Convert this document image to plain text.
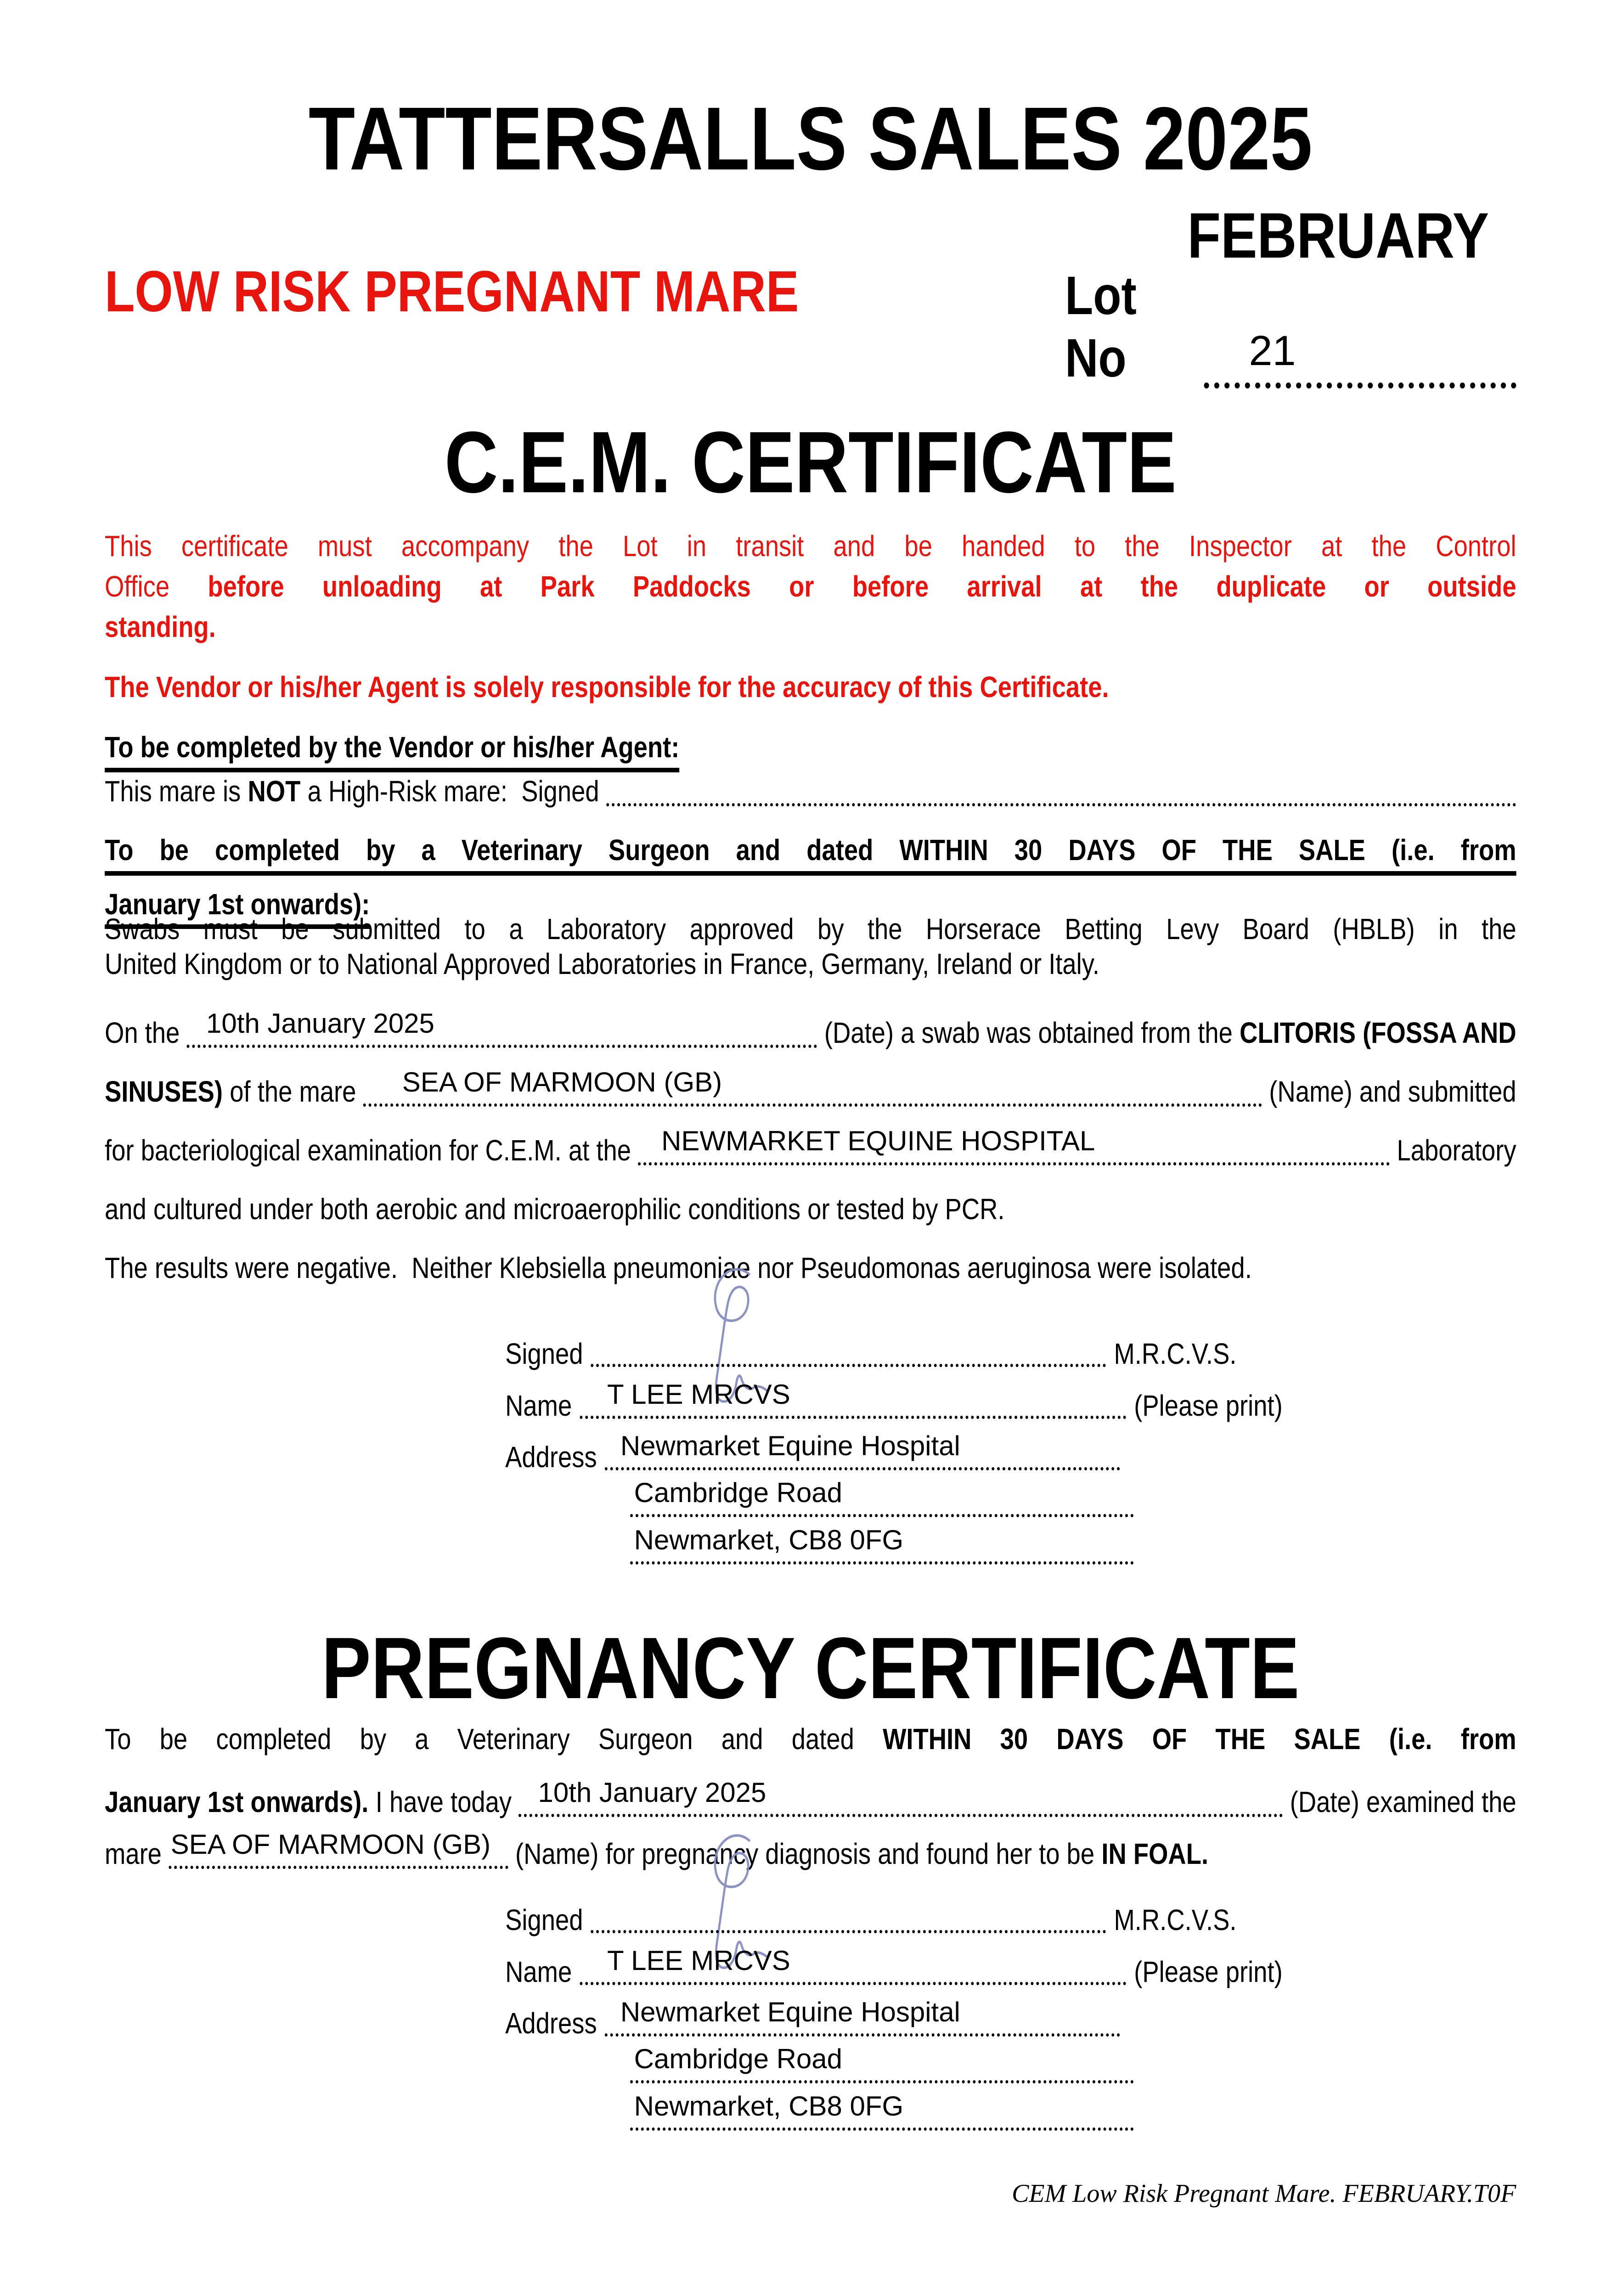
TATTERSALLS SALES 2025
FEBRUARY
LOW RISK PREGNANT MARE	Lot No	21
C.E.M. CERTIFICATE
This certificate must accompany the Lot in transit and be handed to the Inspector at the Control
Office before unloading at Park Paddocks or before arrival at the duplicate or outside
standing.
The Vendor or his/her Agent is solely responsible for the accuracy of this Certificate.
To be completed by the Vendor or his/her Agent:
This mare is NOT a High-Risk mare:  Signed
To be completed by a Veterinary Surgeon and dated WITHIN 30 DAYS OF THE SALE (i.e. from
January 1st onwards):
Swabs must be submitted to a Laboratory approved by the Horserace Betting Levy Board (HBLB) in the
United Kingdom or to National Approved Laboratories in France, Germany, Ireland or Italy.
On the 10th January 2025	(Date) a swab was obtained from the CLITORIS (FOSSA AND
SINUSES) of the mare SEA OF MARMOON (GB)	(Name) and submitted
for bacteriological examination for C.E.M. at the NEWMARKET EQUINE HOSPITAL	Laboratory
and cultured under both aerobic and microaerophilic conditions or tested by PCR.
The results were negative.  Neither Klebsiella pneumoniae nor Pseudomonas aeruginosa were isolated.
Signed	M.R.C.V.S.
Name T LEE MRCVS	(Please print)
Address Newmarket Equine Hospital
Cambridge Road
Newmarket, CB8 0FG
PREGNANCY CERTIFICATE
To be completed by a Veterinary Surgeon and dated WITHIN 30 DAYS OF THE SALE (i.e. from
January 1st onwards). I have today 10th January 2025	(Date) examined the
mare SEA OF MARMOON (GB) (Name) for pregnancy diagnosis and found her to be IN FOAL.
Signed	M.R.C.V.S.
Name T LEE MRCVS	(Please print)
Address Newmarket Equine Hospital
Cambridge Road
Newmarket, CB8 0FG
CEM Low Risk Pregnant Mare. FEBRUARY.T0F
